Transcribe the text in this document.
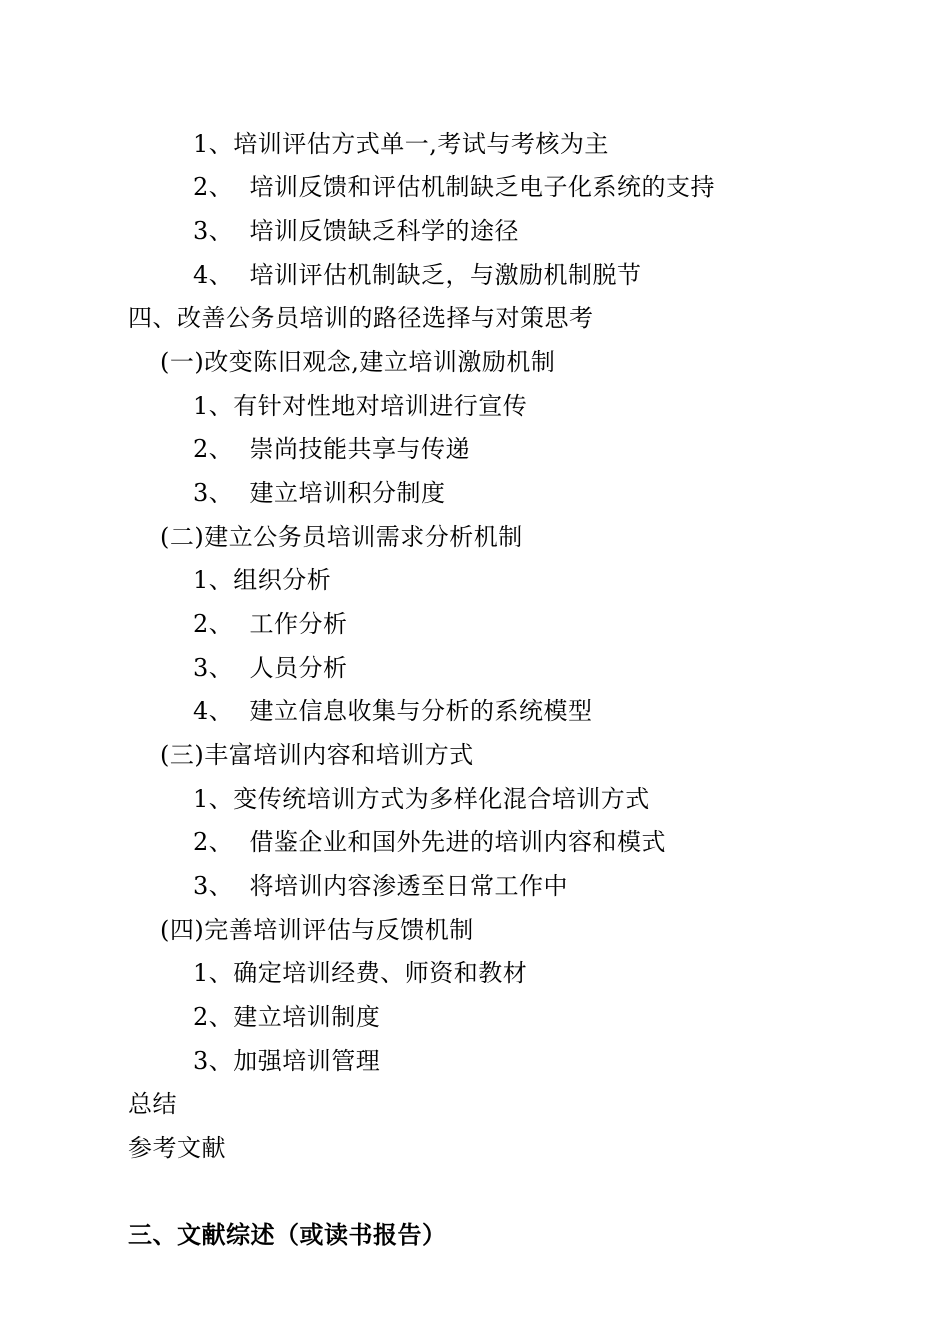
1、培训评估方式单一,考试与考核为主
2、  培训反馈和评估机制缺乏电子化系统的支持
3、  培训反馈缺乏科学的途径
4、  培训评估机制缺乏，与激励机制脱节
四、改善公务员培训的路径选择与对策思考
(一)改变陈旧观念,建立培训激励机制
1、有针对性地对培训进行宣传
2、  崇尚技能共享与传递
3、  建立培训积分制度
(二)建立公务员培训需求分析机制
1、组织分析
2、  工作分析
3、  人员分析
4、  建立信息收集与分析的系统模型
(三)丰富培训内容和培训方式
1、变传统培训方式为多样化混合培训方式
2、  借鉴企业和国外先进的培训内容和模式
3、  将培训内容渗透至日常工作中
(四)完善培训评估与反馈机制
1、确定培训经费、师资和教材
2、建立培训制度
3、加强培训管理
总结
参考文献
三、文献综述（或读书报告）
